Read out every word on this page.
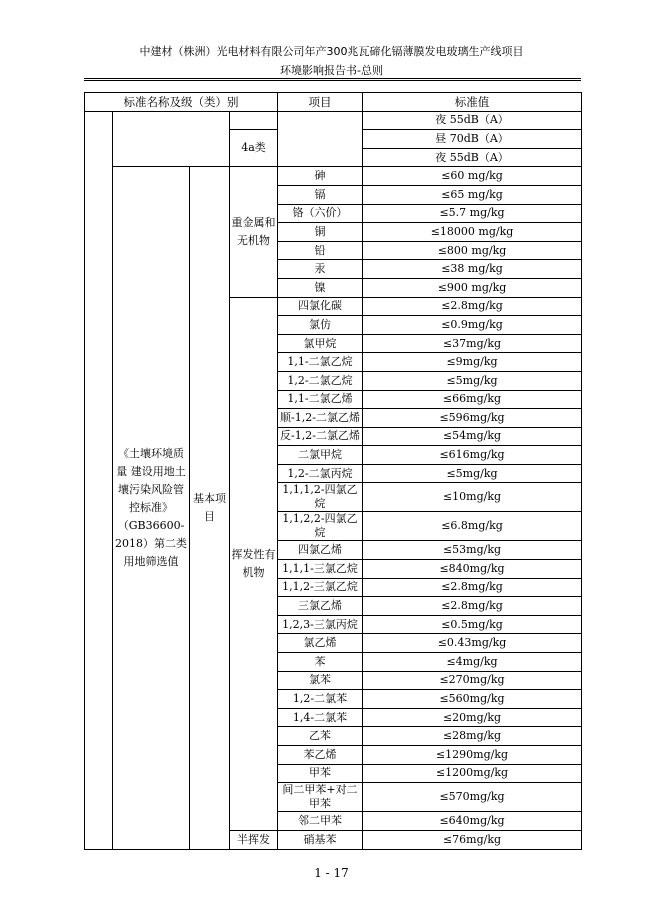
中建材（株洲）光电材料有限公司年产300兆瓦碲化镉薄膜发电玻璃生产线项目
环境影响报告书-总则
标准名称及级（类）别				项目	标准值
					夜 55dB（A）
			4a类		昼 70dB（A）
					夜 55dB（A）
	《土壤环境质量 建设用地土壤污染风险管控标准》（GB36600-2018）第二类用地筛选值	基本项目	重金属和无机物	砷	≤60 mg/kg
				镉	≤65 mg/kg
				铬（六价）	≤5.7 mg/kg
				铜	≤18000 mg/kg
				铅	≤800 mg/kg
				汞	≤38 mg/kg
				镍	≤900 mg/kg
			挥发性有机物	四氯化碳	≤2.8mg/kg
				氯仿	≤0.9mg/kg
				氯甲烷	≤37mg/kg
				1,1-二氯乙烷	≤9mg/kg
				1,2-二氯乙烷	≤5mg/kg
				1,1-二氯乙烯	≤66mg/kg
				顺-1,2-二氯乙烯	≤596mg/kg
				反-1,2-二氯乙烯	≤54mg/kg
				二氯甲烷	≤616mg/kg
				1,2-二氯丙烷	≤5mg/kg
				1,1,1,2-四氯乙烷	≤10mg/kg
				1,1,2,2-四氯乙烷	≤6.8mg/kg
				四氯乙烯	≤53mg/kg
				1,1,1-三氯乙烷	≤840mg/kg
				1,1,2-三氯乙烷	≤2.8mg/kg
				三氯乙烯	≤2.8mg/kg
				1,2,3-三氯丙烷	≤0.5mg/kg
				氯乙烯	≤0.43mg/kg
				苯	≤4mg/kg
				氯苯	≤270mg/kg
				1,2-二氯苯	≤560mg/kg
				1,4-二氯苯	≤20mg/kg
				乙苯	≤28mg/kg
				苯乙烯	≤1290mg/kg
				甲苯	≤1200mg/kg
				间二甲苯+对二甲苯	≤570mg/kg
				邻二甲苯	≤640mg/kg
			半挥发	硝基苯	≤76mg/kg
1 - 17
